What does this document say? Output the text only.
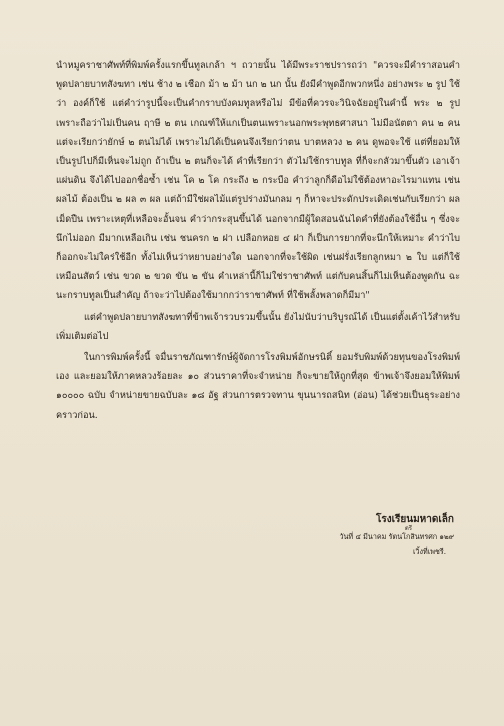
นำหมูคราชาศัพท์ที่พิมพ์ครั้งแรกขึ้นทูลเกล้า ฯ ถวายนั้น ได้มีพระราชปรารถว่า "ควรจะมีคำราสอนคำพูดปลายบาทสังฆทา เช่น ช้าง ๒ เชือก ม้า ๒ ม้า นก ๒ นก นั้น ยังมีคำพูดอีกพวกหนึ่ง อย่างพระ ๒ รูป ใช้ว่า องค์ก็ใช้ แต่คำว่ารูปนี้จะเป็นคำกราบบังคมทูลหรือไม่ มีข้อที่ควรจะวินิจฉัยอยู่ในคำนี้ พระ ๒ รูป เพราะถือว่าไม่เป็นคน ฤาษี ๒ ตน เกณฑ์ให้แกเป็นตนเพราะนอกพระพุทธศาสนา ไม่มีอนัตตา คน ๒ คน แต่จะเรียกว่ายักษ์ ๒ ตนไม่ได้ เพราะไม่ได้เป็นคนจึงเรียกว่าตน บาตหลวง ๒ คน ดูพอจะใช้ แต่ที่ยอมให้เป็นรูปไปก็มีเห็นจะไม่ถูก ถ้าเป็น ๒ ตนก็จะได้ คำที่เรียกว่า ตัวไม่ใช้กราบทูล ที่ก็จะกลัวมาขึ้นตัว เอาเจ้าแผ่นดิน จึงได้ไปออกชื่อซ้ำ เช่น โค ๒ โค กระถึง ๒ กระบือ คำว่าลูกก็ดีอไม่ใช้ต้องหาอะไรมาแทน เช่นผลไม้ ต้องเป็น ๒ ผล ๓ ผล แต่ถ้ามีใช่ผลไม้แต่รูปร่างมันกลม ๆ ก็หาจะประดักประเดิดเช่นกับเรียกว่า ผลเม็ดปืน เพราะเหตุที่เหลือจะอั้นจน คำว่ากระสุนขึ้นได้ นอกจากมีผู้ใดสอนฉันไดคำที่ยังต้องใช้อื่น ๆ ซึ่งจะนึกไม่ออก มีมากเหลือเกิน เช่น ชนครก ๒ ฝา เปลือกหอย ๔ ฝา ก็เป็นการยากที่จะนึกให้เหมาะ คำว่าไบ ก็ออกจะไม่ใคร่ใช้อีก ทั้งไม่เห็นว่าหยาบอย่างใด นอกจากที่จะใช้ผิด เช่นฝรั่งเรียกลูกหมา ๒ ใบ แต่ก็ใช้เหมือนสัตว์ เช่น ขวด ๒ ขวด ขัน ๒ ขัน คำเหล่านี้ก็ไม่ใช่ราชาศัพท์ แต่กับคนสิ้นก็ไม่เห็นต้องพูดกัน ฉะนะกราบทูลเป็นสำคัญ ถ้าจะว่าไปต้องใช้มากกว่าราชาศัพท์ ที่ใช้พลั้งพลาดก็มีมา"

แต่คำพูดปลายบาทสังฆทาที่ข้าพเจ้ารวบรวมขึ้นนั้น ยังไม่นับว่าบริบูรณ์ได้ เป็นแต่ตั้งเค้าไว้สำหรับเพิ่มเติมต่อไป

ในการพิมพ์ครั้งนี้ จมื่นราชภัณฑารักษ์ผู้จัดการโรงพิมพ์อักษรนิติ์ ยอมรับพิมพ์ด้วยทุนของโรงพิมพ์เอง และยอมให้ภาคหลวงร้อยละ ๑๐ ส่วนราคาที่จะจำหน่าย ก็จะขายให้ถูกที่สุด ข้าพเจ้าจึงยอมให้พิมพ์ ๑๐๐๐๐ ฉบับ จำหน่ายขายฉบับละ ๑๘ อัฐ ส่วนการตรวจทาน ขุนนารถสนิท (อ่อน) ได้ช่วยเป็นธุระอย่างคราวก่อน.

โรงเรียนมหาดเล็ก
ตรี
วันที่ ๔ มีนาคม รัตนโกสินทรศก ๑๒๙
เวิ้งที่เพชรี.
